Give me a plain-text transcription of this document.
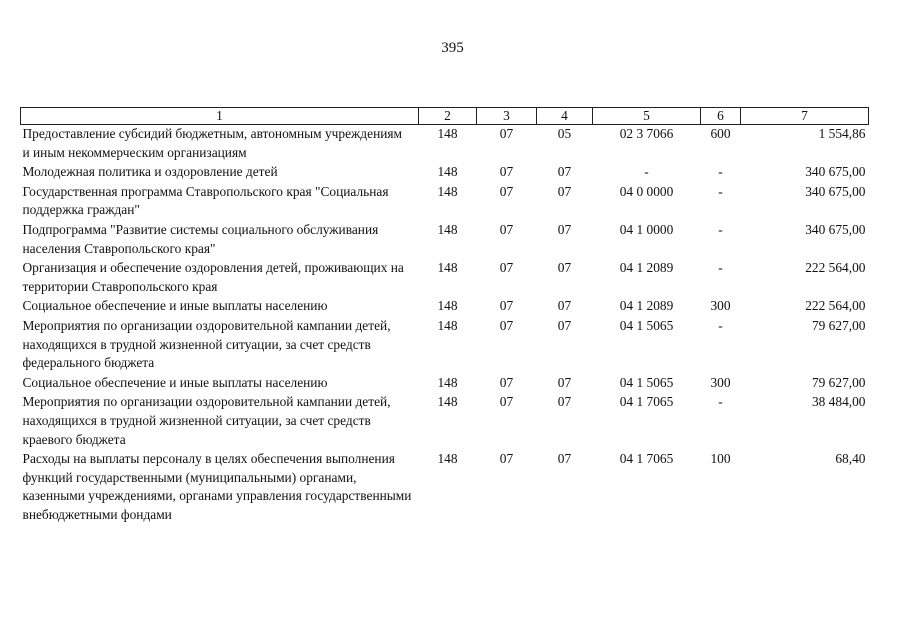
395
1	2	3	4	5	6	7
Предоставление субсидий бюджетным, автономным учреждениям и иным некоммерческим организациям	148	07	05	02 3 7066	600	1 554,86
Молодежная политика и оздоровление детей	148	07	07	-	-	340 675,00
Государственная программа Ставропольского края "Социальная поддержка граждан"	148	07	07	04 0 0000	-	340 675,00
Подпрограмма "Развитие системы социального обслуживания населения Ставропольского края"	148	07	07	04 1 0000	-	340 675,00
Организация и обеспечение оздоровления детей, проживающих на территории Ставропольского края	148	07	07	04 1 2089	-	222 564,00
Социальное обеспечение и иные выплаты населению	148	07	07	04 1 2089	300	222 564,00
Мероприятия по организации оздоровительной кампании детей, находящихся в трудной жизненной ситуации, за счет средств федерального бюджета	148	07	07	04 1 5065	-	79 627,00
Социальное обеспечение и иные выплаты населению	148	07	07	04 1 5065	300	79 627,00
Мероприятия по организации оздоровительной кампании детей, находящихся в трудной жизненной ситуации, за счет средств краевого бюджета	148	07	07	04 1 7065	-	38 484,00
Расходы на выплаты персоналу в целях обеспечения выполнения функций государственными (муниципальными) органами, казенными учреждениями, органами управления государственными внебюджетными фондами	148	07	07	04 1 7065	100	68,40
